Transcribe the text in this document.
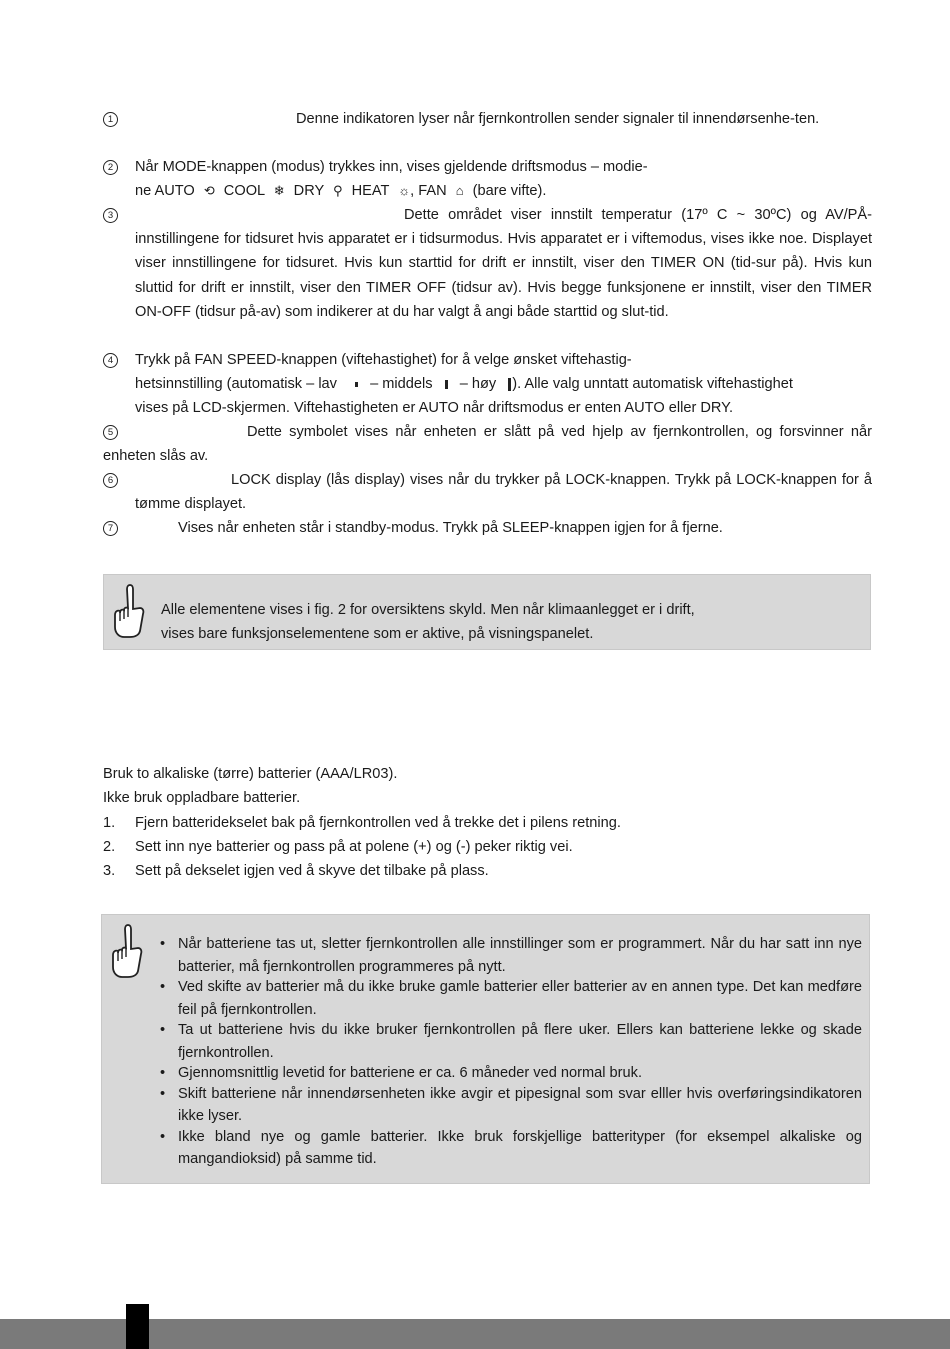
1	Denne indikatoren lyser når fjernkontrollen sender signaler til innendørsenhe-ten.
2	Når MODE-knappen (modus) trykkes inn, vises gjeldende driftsmodus – modie-
ne AUTO ⟲ COOL ❄ DRY ⚲ HEAT ☼, FAN ⌂ (bare vifte).
3	Dette området viser innstilt temperatur (17º C ~ 30ºC) og AV/PÅ-innstillingene for tidsuret hvis apparatet er i tidsurmodus. Hvis apparatet er i viftemodus, vises ikke noe. Displayet viser innstillingene for tidsuret. Hvis kun starttid for drift er innstilt, viser den TIMER ON (tid-sur på). Hvis kun sluttid for drift er innstilt, viser den TIMER OFF (tidsur av). Hvis begge funksjonene er innstilt, viser den TIMER ON-OFF (tidsur på-av) som indikerer at du har valgt å angi både starttid og slut-tid.
4	Trykk på FAN SPEED-knappen (viftehastighet) for å velge ønsket viftehastig-
hetsinnstilling (automatisk – lav – middels – høy ). Alle valg unntatt automatisk viftehastighet
vises på LCD-skjermen. Viftehastigheten er AUTO når driftsmodus er enten AUTO eller DRY.
5	Dette symbolet vises når enheten er slått på ved hjelp av fjernkontrollen, og forsvinner når enheten slås av.
6	LOCK display (lås display) vises når du trykker på LOCK-knappen. Trykk på LOCK-knappen for å tømme displayet.
7	Vises når enheten står i standby-modus. Trykk på SLEEP-knappen igjen for å fjerne.
Alle elementene vises i fig. 2 for oversiktens skyld. Men når klimaanlegget er i drift,
vises bare funksjonselementene som er aktive, på visningspanelet.
Bruk to alkaliske (tørre) batterier (AAA/LR03).
Ikke bruk oppladbare batterier.
1. Fjern batteridekselet bak på fjernkontrollen ved å trekke det i pilens retning.
2. Sett inn nye batterier og pass på at polene (+) og (-) peker riktig vei.
3. Sett på dekselet igjen ved å skyve det tilbake på plass.
• Når batteriene tas ut, sletter fjernkontrollen alle innstillinger som er programmert. Når du har satt inn nye batterier, må fjernkontrollen programmeres på nytt.
• Ved skifte av batterier må du ikke bruke gamle batterier eller batterier av en annen type. Det kan medføre feil på fjernkontrollen.
• Ta ut batteriene hvis du ikke bruker fjernkontrollen på flere uker. Ellers kan batteriene lekke og skade fjernkontrollen.
• Gjennomsnittlig levetid for batteriene er ca. 6 måneder ved normal bruk.
• Skift batteriene når innendørsenheten ikke avgir et pipesignal som svar elller hvis overføringsindikatoren ikke lyser.
• Ikke bland nye og gamle batterier. Ikke bruk forskjellige batterityper (for eksempel alkaliske og mangandioksid) på samme tid.
